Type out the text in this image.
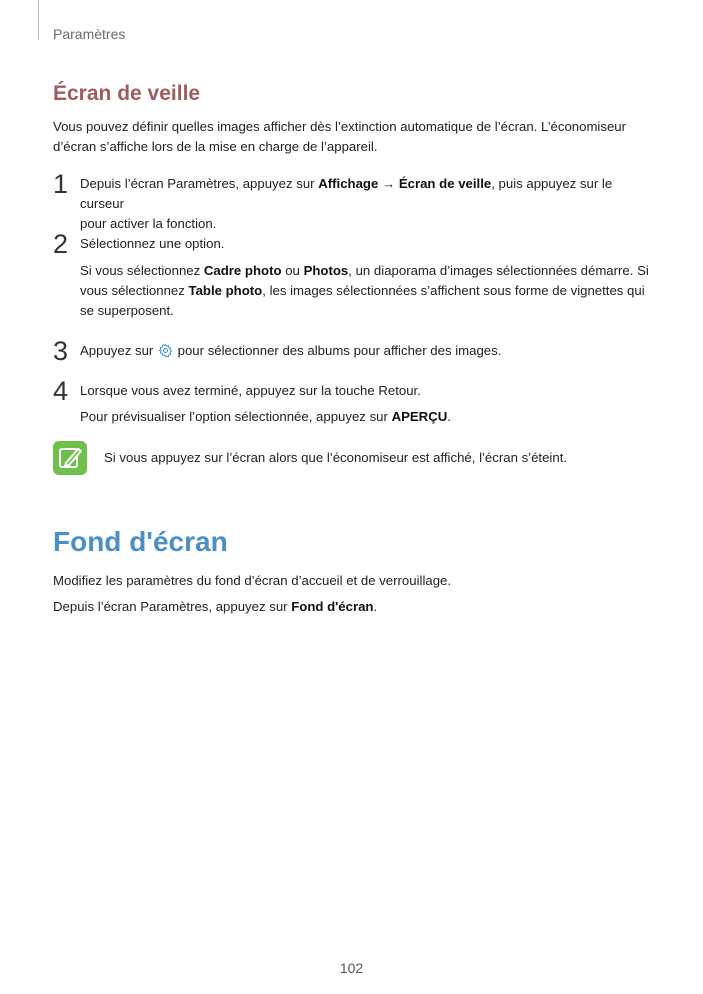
Paramètres
Écran de veille
Vous pouvez définir quelles images afficher dès l’extinction automatique de l’écran. L’économiseur
d’écran s’affiche lors de la mise en charge de l’appareil.
1 Depuis l’écran Paramètres, appuyez sur Affichage → Écran de veille, puis appuyez sur le curseur
pour activer la fonction.
2 Sélectionnez une option.
Si vous sélectionnez Cadre photo ou Photos, un diaporama d’images sélectionnées démarre. Si
vous sélectionnez Table photo, les images sélectionnées s’affichent sous forme de vignettes qui
se superposent.
3 Appuyez sur  pour sélectionner des albums pour afficher des images.
4 Lorsque vous avez terminé, appuyez sur la touche Retour.
Pour prévisualiser l’option sélectionnée, appuyez sur APERÇU.
Si vous appuyez sur l’écran alors que l’économiseur est affiché, l’écran s’éteint.
Fond d'écran
Modifiez les paramètres du fond d’écran d’accueil et de verrouillage.
Depuis l’écran Paramètres, appuyez sur Fond d'écran.
102
